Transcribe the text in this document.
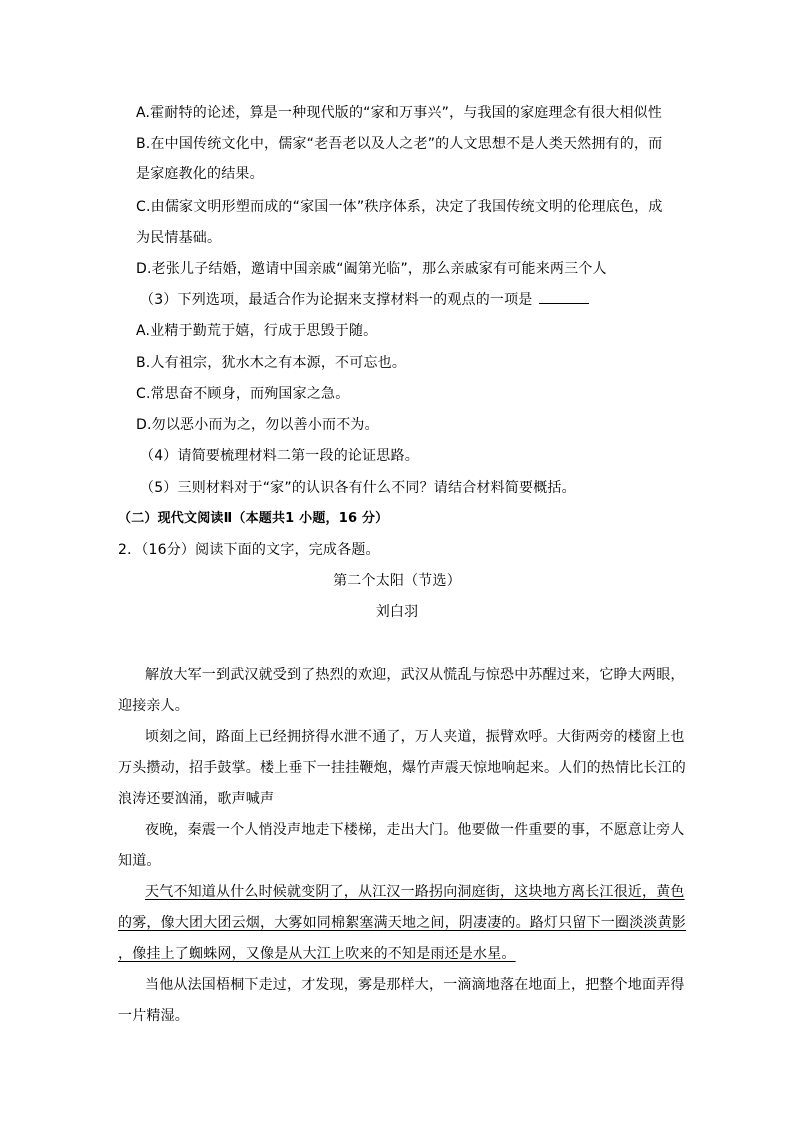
A.霍耐特的论述，算是一种现代版的“家和万事兴”，与我国的家庭理念有很大相似性
B.在中国传统文化中，儒家“老吾老以及人之老”的人文思想不是人类天然拥有的，而
是家庭教化的结果。
C.由儒家文明形塑而成的“家国一体”秩序体系，决定了我国传统文明的伦理底色，成
为民情基础。
D.老张儿子结婚，邀请中国亲戚“阖第光临”，那么亲戚家有可能来两三个人
（3）下列选项，最适合作为论据来支撑材料一的观点的一项是
A.业精于勤荒于嬉，行成于思毁于随。
B.人有祖宗，犹水木之有本源，不可忘也。
C.常思奋不顾身，而殉国家之急。
D.勿以恶小而为之，勿以善小而不为。
（4）请简要梳理材料二第一段的论证思路。
（5）三则材料对于“家”的认识各有什么不同？请结合材料简要概括。
（二）现代文阅读Ⅱ（本题共1 小题，16 分）
2．（16分）阅读下面的文字，完成各题。
第二个太阳（节选）
刘白羽
解放大军一到武汉就受到了热烈的欢迎，武汉从慌乱与惊恐中苏醒过来，它睁大两眼，
迎接亲人。
顷刻之间，路面上已经拥挤得水泄不通了，万人夹道，振臂欢呼。大街两旁的楼窗上也
万头攒动，招手鼓掌。楼上垂下一挂挂鞭炮，爆竹声震天惊地响起来。人们的热情比长江的
浪涛还要汹涌，歌声喊声
夜晚，秦震一个人悄没声地走下楼梯，走出大门。他要做一件重要的事，不愿意让旁人
知道。
天气不知道从什么时候就变阴了，从江汉一路拐向洞庭街，这块地方离长江很近，黄色
的雾，像大团大团云烟，大雾如同棉絮塞满天地之间，阴凄凄的。路灯只留下一圈淡淡黄影
，像挂上了蜘蛛网，又像是从大江上吹来的不知是雨还是水星。
当他从法国梧桐下走过，才发现，雾是那样大，一滴滴地落在地面上，把整个地面弄得
一片精湿。
